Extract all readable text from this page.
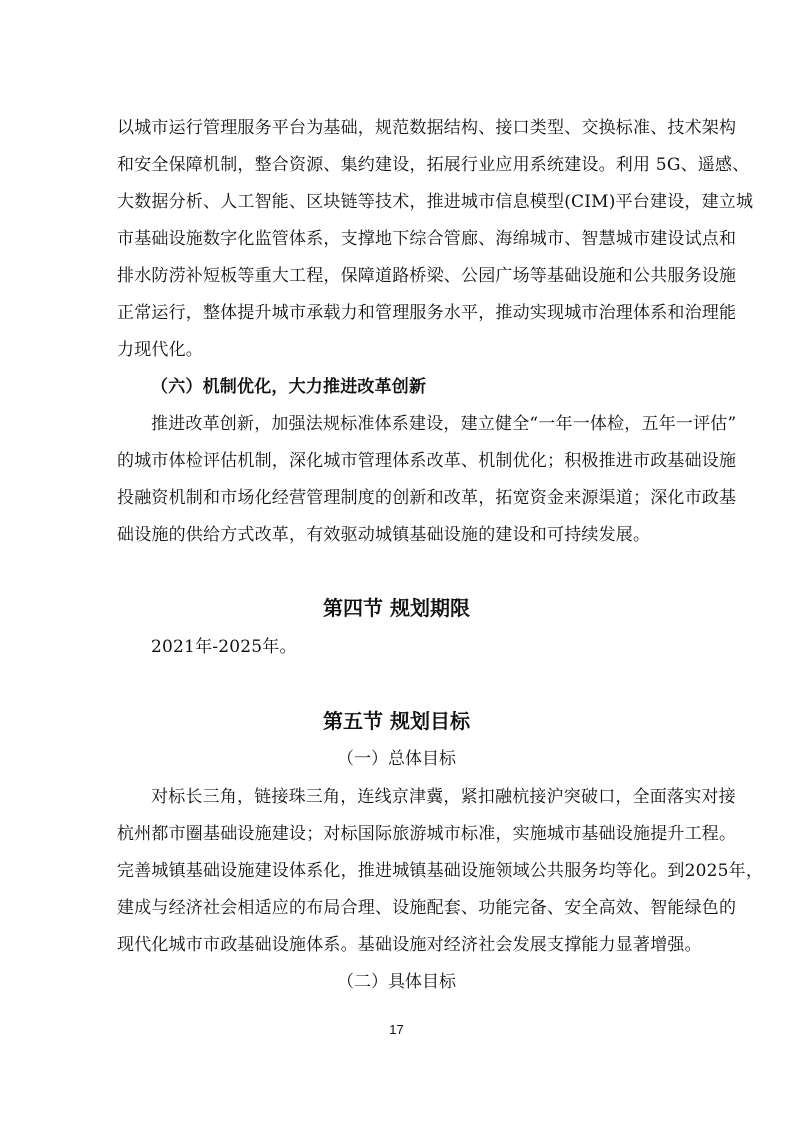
以城市运行管理服务平台为基础，规范数据结构、接口类型、交换标准、技术架构
和安全保障机制，整合资源、集约建设，拓展行业应用系统建设。利用 5G、遥感、
大数据分析、人工智能、区块链等技术，推进城市信息模型(CIM)平台建设，建立城
市基础设施数字化监管体系，支撑地下综合管廊、海绵城市、智慧城市建设试点和
排水防涝补短板等重大工程，保障道路桥梁、公园广场等基础设施和公共服务设施
正常运行，整体提升城市承载力和管理服务水平，推动实现城市治理体系和治理能
力现代化。
（六）机制优化，大力推进改革创新
推进改革创新，加强法规标准体系建设，建立健全“一年一体检，五年一评估”
的城市体检评估机制，深化城市管理体系改革、机制优化；积极推进市政基础设施
投融资机制和市场化经营管理制度的创新和改革，拓宽资金来源渠道；深化市政基
础设施的供给方式改革，有效驱动城镇基础设施的建设和可持续发展。
第四节 规划期限
2021年-2025年。
第五节 规划目标
（一）总体目标
对标长三角，链接珠三角，连线京津冀，紧扣融杭接沪突破口，全面落实对接
杭州都市圈基础设施建设；对标国际旅游城市标准，实施城市基础设施提升工程。
完善城镇基础设施建设体系化，推进城镇基础设施领域公共服务均等化。到2025年，
建成与经济社会相适应的布局合理、设施配套、功能完备、安全高效、智能绿色的
现代化城市市政基础设施体系。基础设施对经济社会发展支撑能力显著增强。
（二）具体目标
17
